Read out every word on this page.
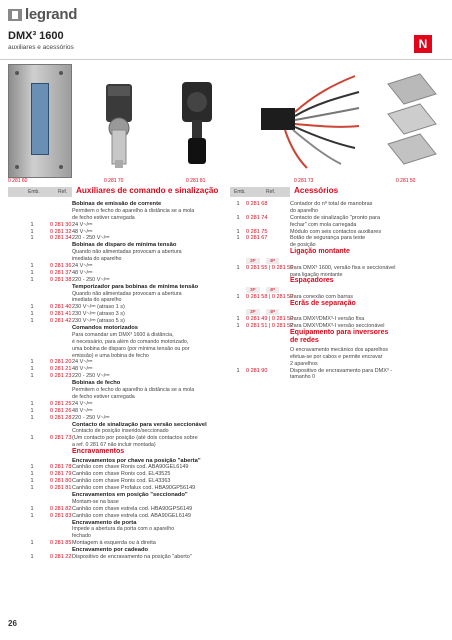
legrand
DMX³ 1600
auxiliares e acessórios	N
0 281 60	0 281 70	0 281 81	0 281 73	0 281 50
Emb.	Ref. Auxiliares de comando e sinalização	Emb.	Ref. Acessórios
Bobinas de emissão de corrente
Permitem o fecho do aparelho à distância se a mola
de fecho estiver carregada
1	0 281 30 24 V~/⎓
1	0 281 32 48 V~/⎓
1	0 281 34 220 - 250 V~/⎓
Bobinas de disparo de mínima tensão
Quando não alimentadas provocam a abertura
imediata do aparelho
1	0 281 36 24 V~/⎓
1	0 281 37 48 V~/⎓
1	0 281 38 220 - 250 V~/⎓
Temporizador para bobinas de mínima tensão
Quando não alimentadas provocam a abertura
imediata do aparelho
1	0 281 40 230 V~/⎓ (atraso 1 s)
1	0 281 41 230 V~/⎓ (atraso 3 s)
1	0 281 42 230 V~/⎓ (atraso 5 s)
Comandos motorizados
Para comandar um DMX³ 1600 à distância,
é necessário, para além do comando motorizado,
uma bobina de disparo (por mínima tensão ou por
emissão) e uma bobina de fecho
1	0 281 20 24 V~/⎓
1	0 281 21 48 V~/⎓
1	0 281 23 220 - 250 V~/⎓
Bobinas de fecho
Permitem o fecho do aparelho à distância se a mola
de fecho estiver carregada
1	0 281 25 24 V~/⎓
1	0 281 26 48 V~/⎓
1	0 281 28 220 - 250 V~/⎓
Contacto de sinalização para versão seccionável
Contacto de posição inserido/seccionado
1	0 281 73 (Um contacto por posição (até dois contactos sobre
a ref. 0 281 67 não incluir montada)
Encravamentos
Encravamentos por chave na posição "aberta"
1	0 281 78 Canhão com chave Ronis cod. ABA90GEL6149
1	0 281 79 Canhão com chave Ronis cod. EL43525
1	0 281 80 Canhão com chave Ronis cod. EL43363
1	0 281 81 Canhão com chave Profalux cod. HBA90GP56149
Encravamentos em posição "seccionado"
Montam-se na base
1	0 281 82 Canhão com chave estrela cod. HBA90GPS6149
1	0 281 83 Canhão com chave estrela cod. ABA90GEL6149
Encravamento de porta
Impede a abertura da porta com o aparelho
fechado
1	0 281 85 Montagem à esquerda ou à direita
Encravamento por cadeado
1	0 281 22 Dispositivo de encravamento na posição "aberto"
1	0 281 68	Contador do nº total de manobras
do aparelho
1	0 281 74	Contacto de sinalização "pronto para
fechar" com mola carregada
1	0 281 75	Módulo com seis contactos auxiliares
1	0 281 67	Botão de segurança para teste
de posição
Ligação montante
3P	4P
1	0 281 55 | 0 281 56
Para DMX³ 1600, versão fixa e seccionável
para ligação montante
Espaçadores
3P	4P
1	0 281 58 | 0 281 59
Para conexão com barras
Ecrãs de separação
3P	4P
1	0 281 49 | 0 281 50
Para DMX³/DMX³-I versão fixa
1	0 281 51 | 0 281 52
Para DMX³/DMX³-I versão seccionável
Equipamento para inversores
de redes
O encravamento mecânico dos aparelhos
efetua-se por cabos e permite encravar
2 aparelhos
1	0 281 90	Dispositivo de encravamento para DMX³ -
tamanho 0
26
